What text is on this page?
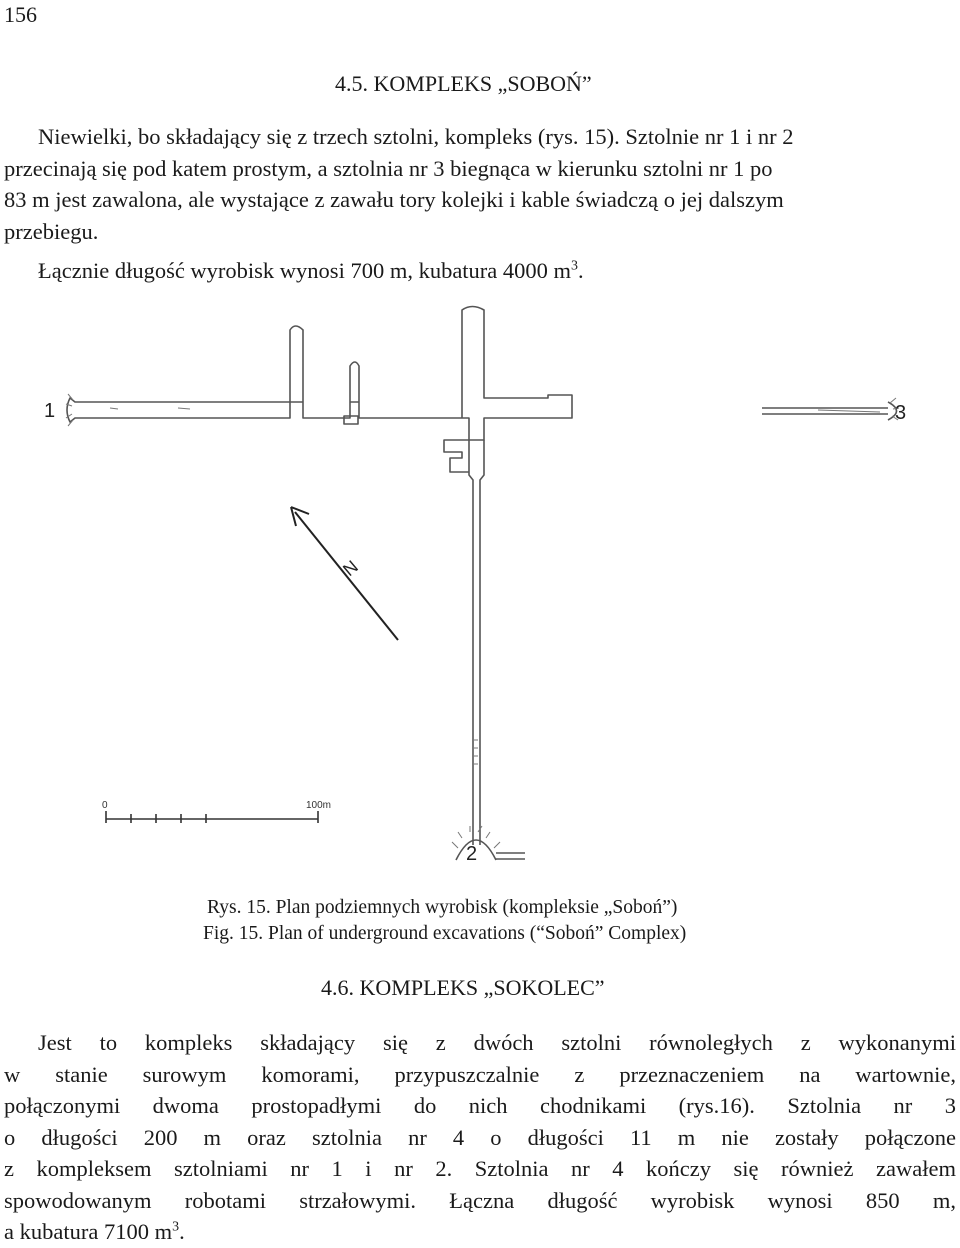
156
4.5. KOMPLEKS „SOBOŃ”
Niewielki, bo składający się z trzech sztolni, kompleks (rys. 15). Sztolnie nr 1 i nr 2
przecinają się pod katem prostym, a sztolnia nr 3 biegnąca w kierunku sztolni nr 1 po
83 m jest zawalona, ale wystające z zawału tory kolejki i kable świadczą o jej dalszym
przebiegu.
Łącznie długość wyrobisk wynosi 700 m, kubatura 4000 $m^3$.
N
0	100m
1
2
3
Rys. 15. Plan podziemnych wyrobisk (kompleksie „Soboń”)
Fig. 15. Plan of underground excavations (“Soboń” Complex)
4.6. KOMPLEKS „SOKOLEC”
Jest to kompleks składający się z dwóch sztolni równoległych z wykonanymi
w stanie surowym komorami, przypuszczalnie z przeznaczeniem na wartownie,
połączonymi dwoma prostopadłymi do nich chodnikami (rys.16). Sztolnia nr 3
o długości 200 m oraz sztolnia nr 4 o długości 11 m nie zostały połączone
z kompleksem sztolniami nr 1 i nr 2. Sztolnia nr 4 kończy się również zawałem
spowodowanym robotami strzałowymi. Łączna długość wyrobisk wynosi 850 m,
a kubatura 7100 $m^3$.
